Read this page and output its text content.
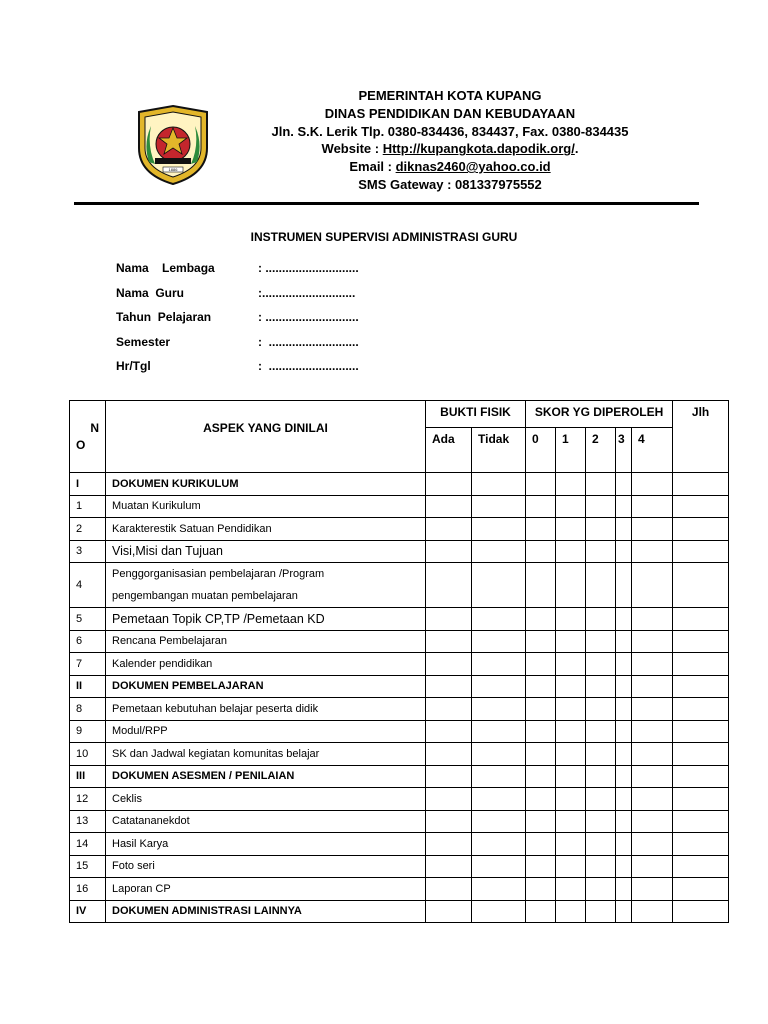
1886
PEMERINTAH KOTA KUPANG
DINAS PENDIDIKAN DAN KEBUDAYAAN
Jln. S.K. Lerik Tlp. 0380-834436, 834437, Fax. 0380-834435
Website : Http://kupangkota.dapodik.org/.
Email : diknas2460@yahoo.co.id
SMS Gateway : 081337975552
INSTRUMEN SUPERVISI ADMINISTRASI GURU
Nama    Lembaga	: ............................
Nama  Guru	:............................
Tahun  Pelajaran	: ............................
Semester	:  ...........................
Hr/Tgl	:  ...........................
N
O	ASPEK YANG DINILAI	BUKTI FISIK		SKOR YG DIPEROLEH					Jlh
		Ada	Tidak	0	1	2	3	4	
I	DOKUMEN KURIKULUM								
1	Muatan Kurikulum								
2	Karakterestik Satuan Pendidikan								
3	Visi,Misi dan Tujuan								
4	Penggorganisasian pembelajaran /Program
pengembangan muatan pembelajaran								

5	Pemetaan Topik CP,TP /Pemetaan KD								
6	Rencana Pembelajaran								
7	Kalender pendidikan								
II	DOKUMEN PEMBELAJARAN								
8	Pemetaan kebutuhan belajar peserta didik								
9	Modul/RPP								
10	SK dan Jadwal kegiatan komunitas belajar								
III	DOKUMEN ASESMEN / PENILAIAN								
12	Ceklis								
13	Catatananekdot								
14	Hasil Karya								
15	Foto seri								
16	Laporan CP								
IV	DOKUMEN ADMINISTRASI LAINNYA								
